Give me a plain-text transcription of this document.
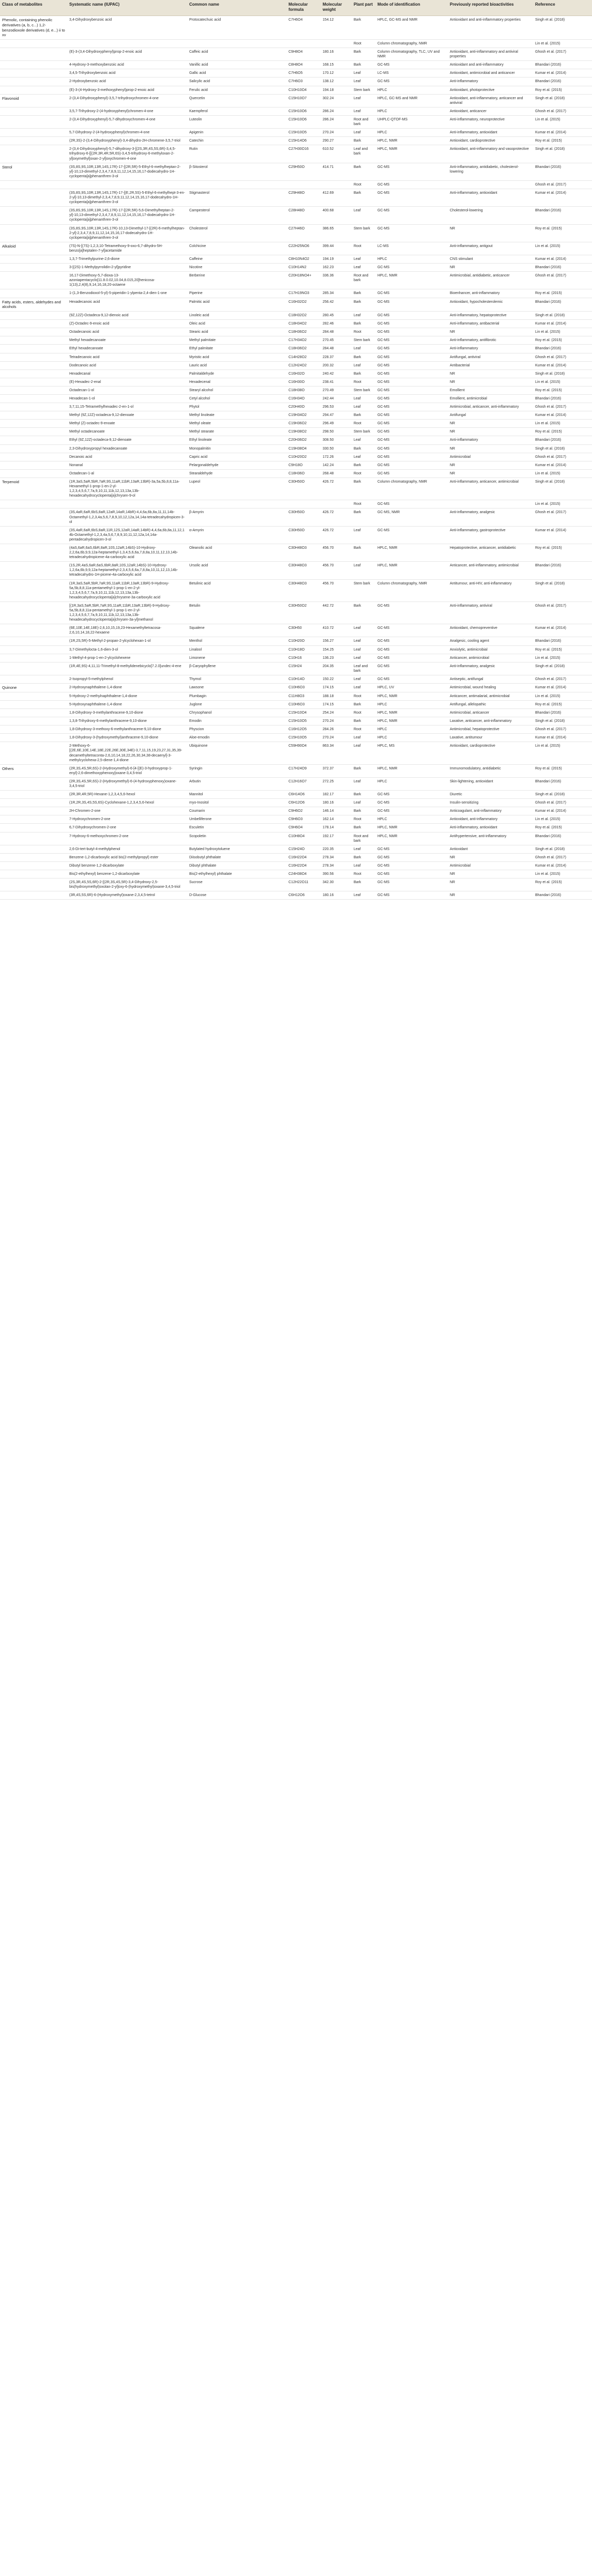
Class of metabolites	Systematic name (IUPAC)	Common name	Molecular formula	Molecular weight	Plant part	Mode of identification	Previously reported bioactivities	Reference
Phenolic, containing phenolic derivatives (a, b, c...) 1,2-benzodioxole derivatives (d, e...) ii to xv	3,4-Dihydroxybenzoic acid	Protocatechuic acid	C7H6O4	154.12	Bark	HPLC, GC-MS and NMR	Antioxidant and anti-inflammatory properties	Singh et al. (2018)
					Root	Column chromatography, NMR		Lin et al. (2015)
	(E)-3-(3,4-Dihydroxyphenyl)prop-2-enoic acid	Caffeic acid	C9H8O4	180.16	Bark	Column chromatography, TLC, UV and NMR	Antioxidant, anti-inflammatory and antiviral properties	Ghosh et al. (2017)
	4-Hydroxy-3-methoxybenzoic acid	Vanillic acid	C8H8O4	168.15	Bark	GC-MS	Antioxidant and anti-inflammatory	Bhandari (2016)
	3,4,5-Trihydroxybenzoic acid	Gallic acid	C7H6O5	170.12	Leaf	LC-MS	Antioxidant, antimicrobial and anticancer	Kumar et al. (2014)
	2-Hydroxybenzoic acid	Salicylic acid	C7H6O3	138.12	Leaf	GC-MS	Anti-inflammatory	Bhandari (2016)
	(E)-3-(4-Hydroxy-3-methoxyphenyl)prop-2-enoic acid	Ferulic acid	C10H10O4	194.18	Stem bark	HPLC	Antioxidant, photoprotective	Roy et al. (2015)
Flavonoid	2-(3,4-Dihydroxyphenyl)-3,5,7-trihydroxychromen-4-one	Quercetin	C15H10O7	302.24	Leaf	HPLC, GC-MS and NMR	Antioxidant, anti-inflammatory, anticancer and antiviral	Singh et al. (2018)
	3,5,7-Trihydroxy-2-(4-hydroxyphenyl)chromen-4-one	Kaempferol	C15H10O6	286.24	Leaf	HPLC	Antioxidant, anticancer	Ghosh et al. (2017)
	2-(3,4-Dihydroxyphenyl)-5,7-dihydroxychromen-4-one	Luteolin	C15H10O6	286.24	Root and bark	UHPLC-QTOF-MS	Anti-inflammatory, neuroprotective	Lin et al. (2015)
	5,7-Dihydroxy-2-(4-hydroxyphenyl)chromen-4-one	Apigenin	C15H10O5	270.24	Leaf	HPLC	Anti-inflammatory, antioxidant	Kumar et al. (2014)
	(2R,3S)-2-(3,4-Dihydroxyphenyl)-3,4-dihydro-2H-chromene-3,5,7-triol	Catechin	C15H14O6	290.27	Bark	HPLC, NMR	Antioxidant, cardioprotective	Roy et al. (2015)
	2-(3,4-Dihydroxyphenyl)-5,7-dihydroxy-3-[(2S,3R,4S,5S,6R)-3,4,5-trihydroxy-6-[[(2R,3R,4R,5R,6S)-3,4,5-trihydroxy-6-methyloxan-2-yl]oxymethyl]oxan-2-yl]oxychromen-4-one	Rutin	C27H30O16	610.52	Leaf and bark	HPLC, NMR	Antioxidant, anti-inflammatory and vasoprotective	Singh et al. (2018)
Sterol	(3S,8S,9S,10R,13R,14S,17R)-17-[(2R,5R)-5-Ethyl-6-methylheptan-2-yl]-10,13-dimethyl-2,3,4,7,8,9,11,12,14,15,16,17-dodecahydro-1H-cyclopenta[a]phenanthren-3-ol	β-Sitosterol	C29H50O	414.71	Bark	GC-MS	Anti-inflammatory, antidiabetic, cholesterol-lowering	Bhandari (2016)
					Root	GC-MS		Ghosh et al. (2017)
	(3S,8S,9S,10R,13R,14S,17R)-17-[(E,2R,5S)-5-Ethyl-6-methylhept-3-en-2-yl]-10,13-dimethyl-2,3,4,7,8,9,11,12,14,15,16,17-dodecahydro-1H-cyclopenta[a]phenanthren-3-ol	Stigmasterol	C29H48O	412.69	Bark	GC-MS	Anti-inflammatory, antioxidant	Kumar et al. (2014)
	(3S,8S,9S,10R,13R,14S,17R)-17-[(2R,5R)-5,6-Dimethylheptan-2-yl]-10,13-dimethyl-2,3,4,7,8,9,11,12,14,15,16,17-dodecahydro-1H-cyclopenta[a]phenanthren-3-ol	Campesterol	C28H48O	400.68	Leaf	GC-MS	Cholesterol-lowering	Bhandari (2016)
	(3S,8S,9S,10R,13R,14S,17R)-10,13-Dimethyl-17-[(2R)-6-methylheptan-2-yl]-2,3,4,7,8,9,11,12,14,15,16,17-dodecahydro-1H-cyclopenta[a]phenanthren-3-ol	Cholesterol	C27H46O	386.65	Stem bark	GC-MS	NR	Roy et al. (2015)
Alkaloid	(7S)-N-[(7S)-1,2,3,10-Tetramethoxy-9-oxo-6,7-dihydro-5H-benzo[a]heptalen-7-yl]acetamide	Colchicine	C22H25NO6	399.44	Root	LC-MS	Anti-inflammatory, antigout	Lin et al. (2015)
	1,3,7-Trimethylpurine-2,6-dione	Caffeine	C8H10N4O2	194.19	Leaf	HPLC	CNS stimulant	Kumar et al. (2014)
	3-[(2S)-1-Methylpyrrolidin-2-yl]pyridine	Nicotine	C10H14N2	162.23	Leaf	GC-MS	NR	Bhandari (2016)
	16,17-Dimethoxy-5,7-dioxa-13-azoniapentacyclo[11.8.0.02,10.04,8.015,20]henicosa-1(13),2,4(8),9,14,16,18,20-octaene	Berberine	C20H18NO4+	336.36	Root and bark	HPLC, NMR	Antimicrobial, antidiabetic, anticancer	Ghosh et al. (2017)
	1-(1,3-Benzodioxol-5-yl)-5-piperidin-1-ylpenta-2,4-dien-1-one	Piperine	C17H19NO3	285.34	Bark	GC-MS	Bioenhancer, anti-inflammatory	Roy et al. (2015)
Fatty acids, esters, aldehydes and alcohols	Hexadecanoic acid	Palmitic acid	C16H32O2	256.42	Bark	GC-MS	Antioxidant, hypocholesterolemic	Bhandari (2016)
	(9Z,12Z)-Octadeca-9,12-dienoic acid	Linoleic acid	C18H32O2	280.45	Leaf	GC-MS	Anti-inflammatory, hepatoprotective	Singh et al. (2018)
	(Z)-Octadec-9-enoic acid	Oleic acid	C18H34O2	282.46	Bark	GC-MS	Anti-inflammatory, antibacterial	Kumar et al. (2014)
	Octadecanoic acid	Stearic acid	C18H36O2	284.48	Root	GC-MS	NR	Lin et al. (2015)
	Methyl hexadecanoate	Methyl palmitate	C17H34O2	270.45	Stem bark	GC-MS	Anti-inflammatory, antifibrotic	Roy et al. (2015)
	Ethyl hexadecanoate	Ethyl palmitate	C18H36O2	284.48	Leaf	GC-MS	Anti-inflammatory	Bhandari (2016)
	Tetradecanoic acid	Myristic acid	C14H28O2	228.37	Bark	GC-MS	Antifungal, antiviral	Ghosh et al. (2017)
	Dodecanoic acid	Lauric acid	C12H24O2	200.32	Leaf	GC-MS	Antibacterial	Kumar et al. (2014)
	Hexadecanal	Palmitaldehyde	C16H32O	240.42	Bark	GC-MS	NR	Singh et al. (2018)
	(E)-Hexadec-2-enal	Hexadecenal	C16H30O	238.41	Root	GC-MS	NR	Lin et al. (2015)
	Octadecan-1-ol	Stearyl alcohol	C18H38O	270.49	Stem bark	GC-MS	Emollient	Roy et al. (2015)
	Hexadecan-1-ol	Cetyl alcohol	C16H34O	242.44	Leaf	GC-MS	Emollient, antimicrobial	Bhandari (2016)
	3,7,11,15-Tetramethylhexadec-2-en-1-ol	Phytol	C20H40O	296.53	Leaf	GC-MS	Antimicrobial, anticancer, anti-inflammatory	Ghosh et al. (2017)
	Methyl (9Z,12Z)-octadeca-9,12-dienoate	Methyl linoleate	C19H34O2	294.47	Bark	GC-MS	Antifungal	Kumar et al. (2014)
	Methyl (Z)-octadec-9-enoate	Methyl oleate	C19H36O2	296.49	Root	GC-MS	NR	Lin et al. (2015)
	Methyl octadecanoate	Methyl stearate	C19H38O2	298.50	Stem bark	GC-MS	NR	Roy et al. (2015)
	Ethyl (9Z,12Z)-octadeca-9,12-dienoate	Ethyl linoleate	C20H36O2	308.50	Leaf	GC-MS	Anti-inflammatory	Bhandari (2016)
	2,3-Dihydroxypropyl hexadecanoate	Monopalmitin	C19H38O4	330.50	Bark	GC-MS	NR	Singh et al. (2018)
	Decanoic acid	Capric acid	C10H20O2	172.26	Leaf	GC-MS	Antimicrobial	Ghosh et al. (2017)
	Nonanal	Pelargonaldehyde	C9H18O	142.24	Bark	GC-MS	NR	Kumar et al. (2014)
	Octadecan-1-al	Stearaldehyde	C18H36O	268.48	Root	GC-MS	NR	Lin et al. (2015)
Terpenoid	(1R,3aS,5aR,5bR,7aR,9S,11aR,11bR,13aR,13bR)-3a,5a,5b,8,8,11a-Hexamethyl-1-prop-1-en-2-yl-1,2,3,4,5,6,7,7a,9,10,11,11b,12,13,13a,13b-hexadecahydrocyclopenta[a]chrysen-9-ol	Lupeol	C30H50O	426.72	Bark	Column chromatography, NMR	Anti-inflammatory, anticancer, antimicrobial	Singh et al. (2018)
					Root	GC-MS		Lin et al. (2015)
	(3S,4aR,6aR,6bS,8aR,12aR,14aR,14bR)-4,4,6a,6b,8a,11,11,14b-Octamethyl-1,2,3,4a,5,6,7,8,9,10,12,12a,14,14a-tetradecahydropicen-3-ol	β-Amyrin	C30H50O	426.72	Bark	GC-MS, NMR	Anti-inflammatory, analgesic	Ghosh et al. (2017)
	(3S,4aR,6aR,6bS,8aR,11R,12S,12aR,14aR,14bR)-4,4,6a,6b,8a,11,12,14b-Octamethyl-1,2,3,4a,5,6,7,8,9,10,11,12,12a,14,14a-pentadecahydropicen-3-ol	α-Amyrin	C30H50O	426.72	Leaf	GC-MS	Anti-inflammatory, gastroprotective	Kumar et al. (2014)
	(4aS,6aR,6aS,6bR,8aR,10S,12aR,14bS)-10-Hydroxy-2,2,6a,6b,9,9,12a-heptamethyl-1,3,4,5,6,6a,7,8,8a,10,11,12,13,14b-tetradecahydropicene-4a-carboxylic acid	Oleanolic acid	C30H48O3	456.70	Bark	HPLC, NMR	Hepatoprotective, anticancer, antidiabetic	Roy et al. (2015)
	(1S,2R,4aS,6aR,6aS,6bR,8aR,10S,12aR,14bS)-10-Hydroxy-1,2,6a,6b,9,9,12a-heptamethyl-2,3,4,5,6,6a,7,8,8a,10,11,12,13,14b-tetradecahydro-1H-picene-4a-carboxylic acid	Ursolic acid	C30H48O3	456.70	Leaf	HPLC, NMR	Anticancer, anti-inflammatory, antimicrobial	Bhandari (2016)
	(1R,3aS,5aR,5bR,7aR,9S,11aR,11bR,13aR,13bR)-9-Hydroxy-5a,5b,8,8,11a-pentamethyl-1-prop-1-en-2-yl-1,2,3,4,5,6,7,7a,9,10,11,11b,12,13,13a,13b-hexadecahydrocyclopenta[a]chrysene-3a-carboxylic acid	Betulinic acid	C30H48O3	456.70	Stem bark	Column chromatography, NMR	Antitumour, anti-HIV, anti-inflammatory	Singh et al. (2018)
	[(1R,3aS,5aR,5bR,7aR,9S,11aR,11bR,13aR,13bR)-9-Hydroxy-5a,5b,8,8,11a-pentamethyl-1-prop-1-en-2-yl-1,2,3,4,5,6,7,7a,9,10,11,11b,12,13,13a,13b-hexadecahydrocyclopenta[a]chrysen-3a-yl]methanol	Betulin	C30H50O2	442.72	Bark	GC-MS	Anti-inflammatory, antiviral	Ghosh et al. (2017)
	(6E,10E,14E,18E)-2,6,10,15,19,23-Hexamethyltetracosa-2,6,10,14,18,22-hexaene	Squalene	C30H50	410.72	Leaf	GC-MS	Antioxidant, chemopreventive	Kumar et al. (2014)
	(1R,2S,5R)-5-Methyl-2-propan-2-ylcyclohexan-1-ol	Menthol	C10H20O	156.27	Leaf	GC-MS	Analgesic, cooling agent	Bhandari (2016)
	3,7-Dimethylocta-1,6-dien-3-ol	Linalool	C10H18O	154.25	Leaf	GC-MS	Anxiolytic, antimicrobial	Roy et al. (2015)
	1-Methyl-4-prop-1-en-2-ylcyclohexene	Limonene	C10H16	136.23	Leaf	GC-MS	Anticancer, antimicrobial	Lin et al. (2015)
	(1R,4E,9S)-4,11,11-Trimethyl-8-methylidenebicyclo[7.2.0]undec-4-ene	β-Caryophyllene	C15H24	204.35	Leaf and bark	GC-MS	Anti-inflammatory, analgesic	Singh et al. (2018)
	2-Isopropyl-5-methylphenol	Thymol	C10H14O	150.22	Leaf	GC-MS	Antiseptic, antifungal	Ghosh et al. (2017)
Quinone	2-Hydroxynaphthalene-1,4-dione	Lawsone	C10H6O3	174.15	Leaf	HPLC, UV	Antimicrobial, wound healing	Kumar et al. (2014)
	5-Hydroxy-2-methylnaphthalene-1,4-dione	Plumbagin	C11H8O3	188.18	Root	HPLC, NMR	Anticancer, antimalarial, antimicrobial	Lin et al. (2015)
	5-Hydroxynaphthalene-1,4-dione	Juglone	C10H6O3	174.15	Bark	HPLC	Antifungal, allelopathic	Roy et al. (2015)
	1,8-Dihydroxy-3-methylanthracene-9,10-dione	Chrysophanol	C15H10O4	254.24	Root	HPLC, NMR	Antimicrobial, anticancer	Bhandari (2016)
	1,3,8-Trihydroxy-6-methylanthracene-9,10-dione	Emodin	C15H10O5	270.24	Bark	HPLC, NMR	Laxative, anticancer, anti-inflammatory	Singh et al. (2018)
	1,8-Dihydroxy-3-methoxy-6-methylanthracene-9,10-dione	Physcion	C16H12O5	284.26	Root	HPLC	Antimicrobial, hepatoprotective	Ghosh et al. (2017)
	1,8-Dihydroxy-3-(hydroxymethyl)anthracene-9,10-dione	Aloe-emodin	C15H10O5	270.24	Leaf	HPLC	Laxative, antitumour	Kumar et al. (2014)
	2-Methoxy-6-[(2E,6E,10E,14E,18E,22E,26E,30E,34E)-3,7,11,15,19,23,27,31,35,39-decamethyltetraconta-2,6,10,14,18,22,26,30,34,38-decaenyl]-3-methylcyclohexa-2,5-diene-1,4-dione	Ubiquinone	C59H90O4	863.34	Leaf	HPLC, MS	Antioxidant, cardioprotective	Lin et al. (2015)
Others	(2R,3S,4S,5R,6S)-2-(Hydroxymethyl)-6-[4-[(E)-3-hydroxyprop-1-enyl]-2,6-dimethoxyphenoxy]oxane-3,4,5-triol	Syringin	C17H24O9	372.37	Bark	HPLC, NMR	Immunomodulatory, antidiabetic	Roy et al. (2015)
	(2R,3S,4S,5R,6S)-2-(Hydroxymethyl)-6-(4-hydroxyphenoxy)oxane-3,4,5-triol	Arbutin	C12H16O7	272.25	Leaf	HPLC	Skin-lightening, antioxidant	Bhandari (2016)
	(2R,3R,4R,5R)-Hexane-1,2,3,4,5,6-hexol	Mannitol	C6H14O6	182.17	Bark	GC-MS	Diuretic	Singh et al. (2018)
	(1R,2R,3S,4S,5S,6S)-Cyclohexane-1,2,3,4,5,6-hexol	myo-Inositol	C6H12O6	180.16	Leaf	GC-MS	Insulin-sensitizing	Ghosh et al. (2017)
	2H-Chromen-2-one	Coumarin	C9H6O2	146.14	Bark	GC-MS	Anticoagulant, anti-inflammatory	Kumar et al. (2014)
	7-Hydroxychromen-2-one	Umbelliferone	C9H6O3	162.14	Root	HPLC	Antioxidant, anti-inflammatory	Lin et al. (2015)
	6,7-Dihydroxychromen-2-one	Esculetin	C9H6O4	178.14	Bark	HPLC, NMR	Anti-inflammatory, antioxidant	Roy et al. (2015)
	7-Hydroxy-6-methoxychromen-2-one	Scopoletin	C10H8O4	192.17	Root and bark	HPLC, NMR	Antihypertensive, anti-inflammatory	Bhandari (2016)
	2,6-Di-tert-butyl-4-methylphenol	Butylated hydroxytoluene	C15H24O	220.35	Leaf	GC-MS	Antioxidant	Singh et al. (2018)
	Benzene-1,2-dicarboxylic acid bis(2-methylpropyl) ester	Diisobutyl phthalate	C16H22O4	278.34	Bark	GC-MS	NR	Ghosh et al. (2017)
	Dibutyl benzene-1,2-dicarboxylate	Dibutyl phthalate	C16H22O4	278.34	Leaf	GC-MS	Antimicrobial	Kumar et al. (2014)
	Bis(2-ethylhexyl) benzene-1,2-dicarboxylate	Bis(2-ethylhexyl) phthalate	C24H38O4	390.56	Root	GC-MS	NR	Lin et al. (2015)
	(2S,3R,4S,5S,6R)-2-[(2R,3S,4S,5R)-3,4-Dihydroxy-2,5-bis(hydroxymethyl)oxolan-2-yl]oxy-6-(hydroxymethyl)oxane-3,4,5-triol	Sucrose	C12H22O11	342.30	Bark	GC-MS	NR	Roy et al. (2015)
	(3R,4S,5S,6R)-6-(Hydroxymethyl)oxane-2,3,4,5-tetrol	D-Glucose	C6H12O6	180.16	Leaf	GC-MS	NR	Bhandari (2016)
